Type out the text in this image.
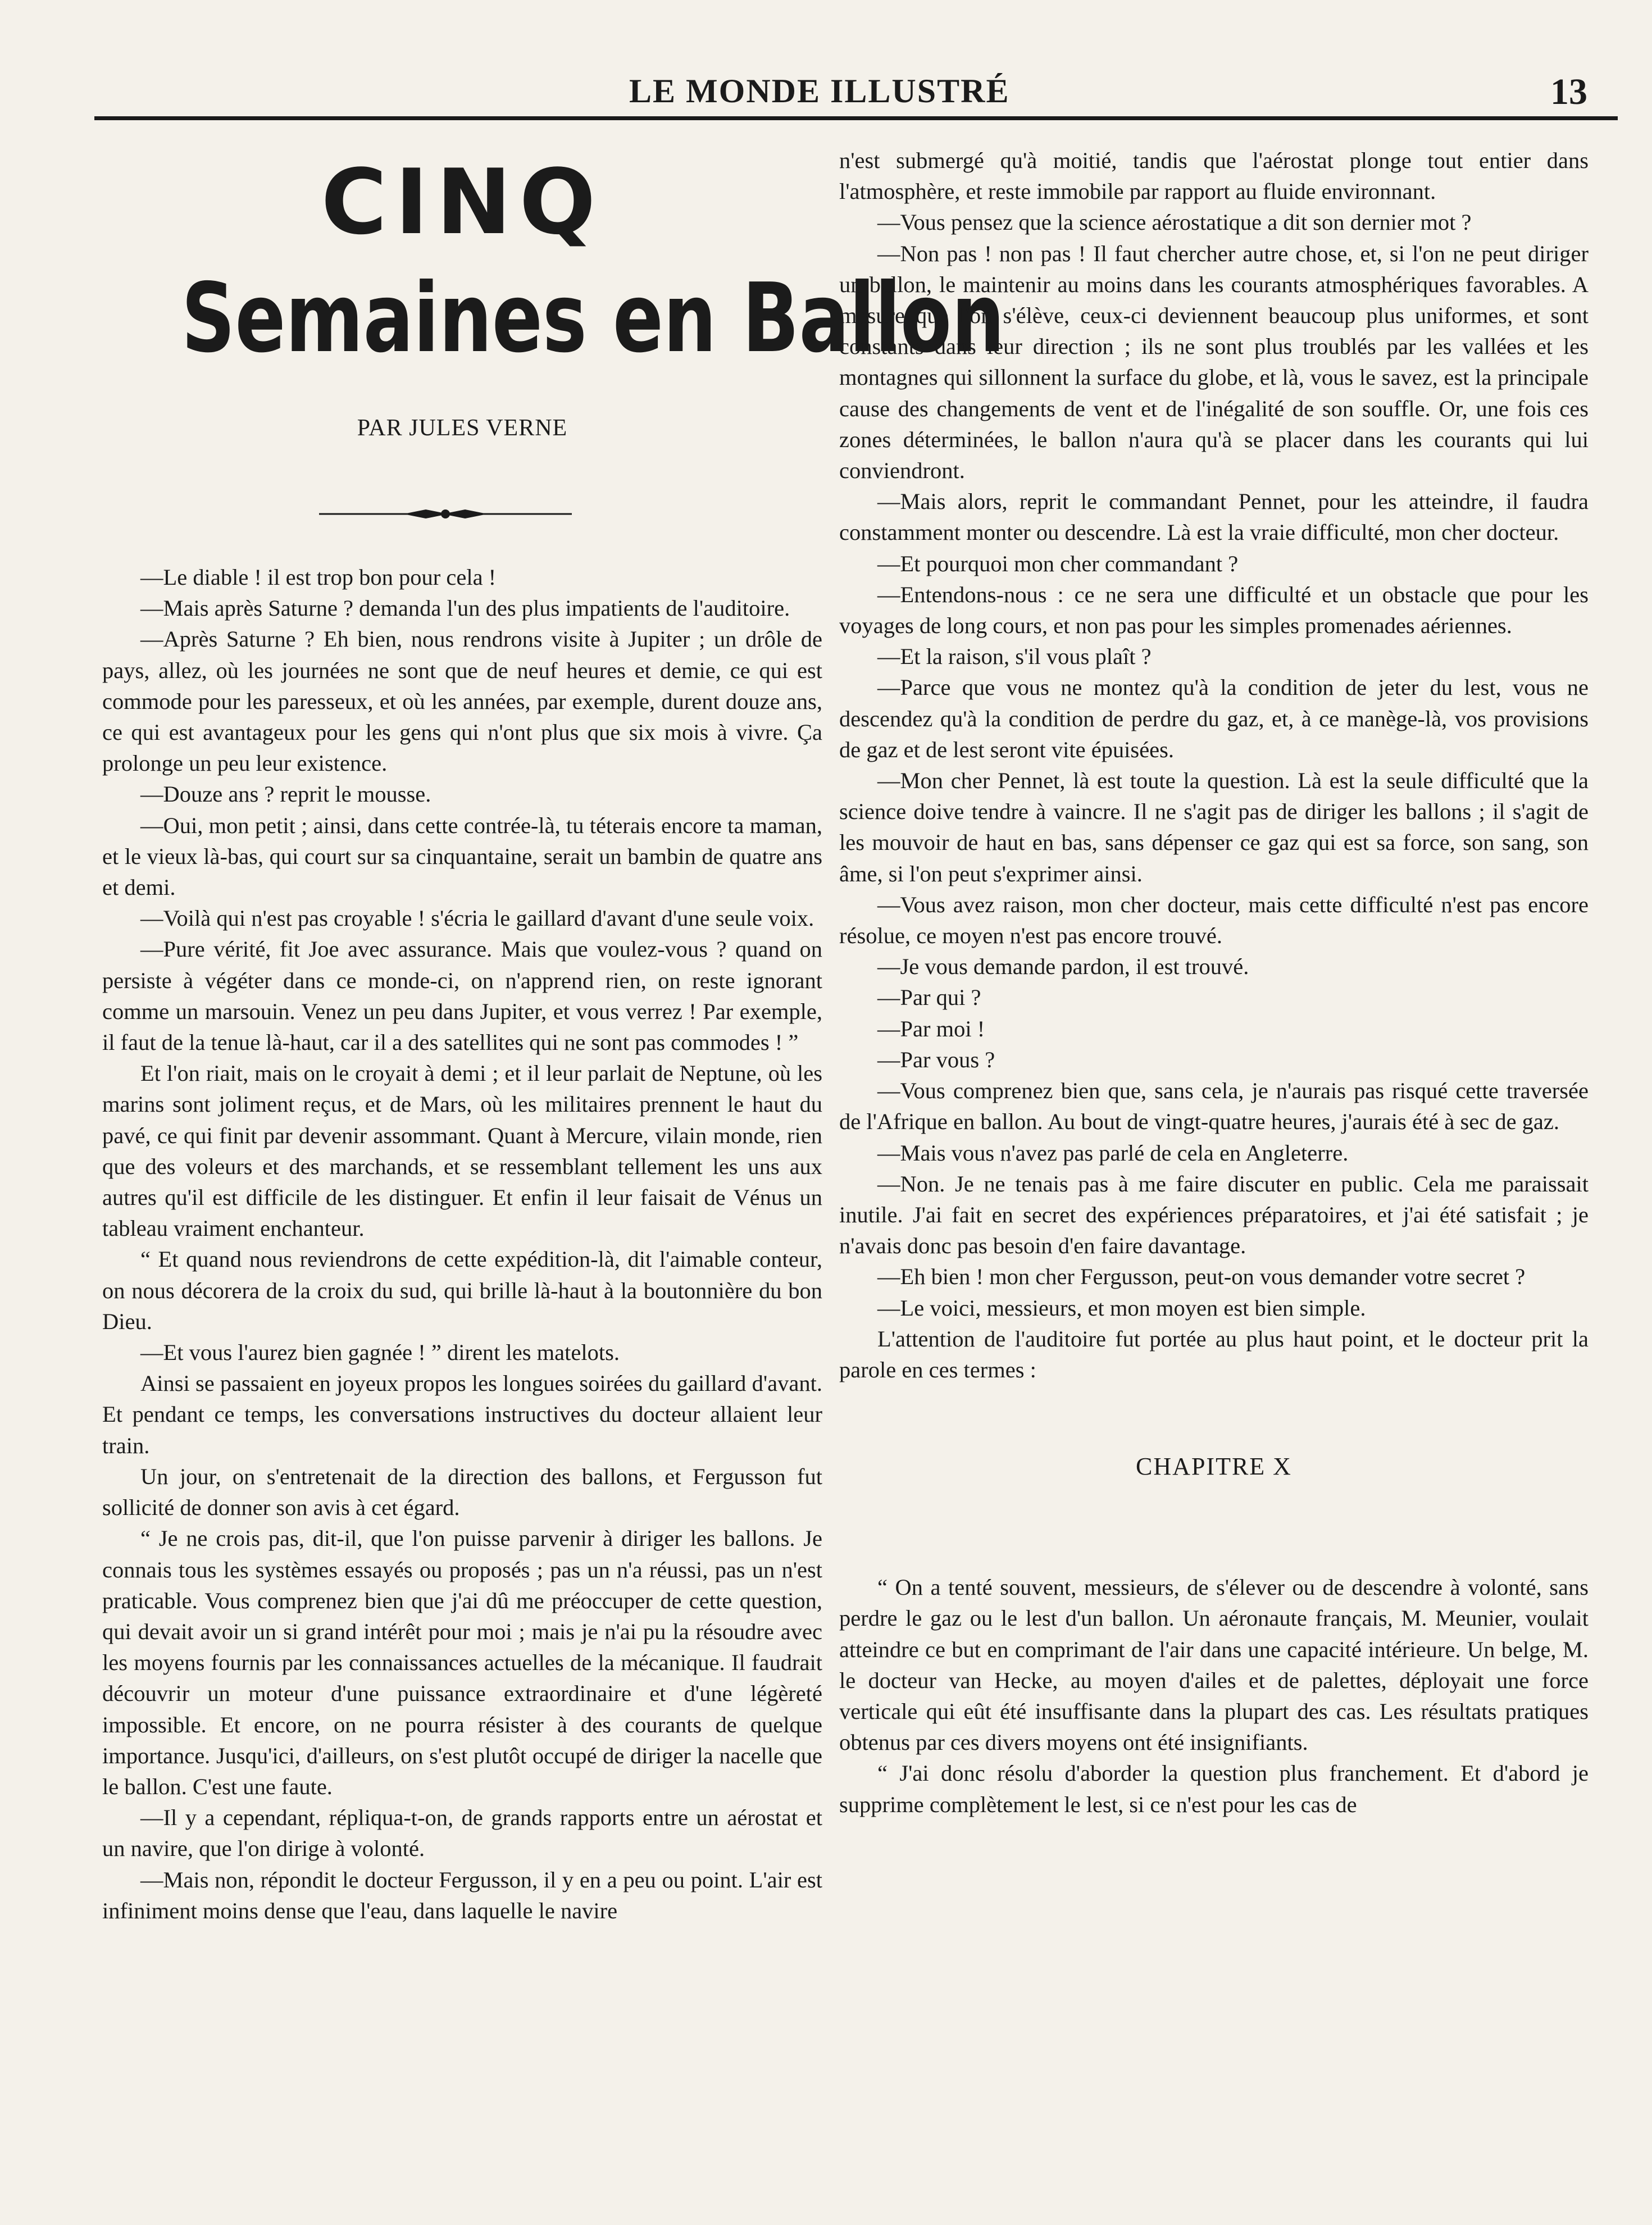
LE MONDE ILLUSTRÉ	13
CINQ
Semaines en Ballon
PAR JULES VERNE

—Le diable ! il est trop bon pour cela !

—Mais après Saturne ? demanda l'un des plus impatients de l'auditoire.

—Après Saturne ? Eh bien, nous rendrons visite à Jupiter ; un drôle de pays, allez, où les journées ne sont que de neuf heures et demie, ce qui est commode pour les paresseux, et où les années, par exemple, durent douze ans, ce qui est avantageux pour les gens qui n'ont plus que six mois à vivre. Ça prolonge un peu leur existence.

—Douze ans ? reprit le mousse.

—Oui, mon petit ; ainsi, dans cette contrée-là, tu téterais encore ta maman, et le vieux là-bas, qui court sur sa cinquantaine, serait un bambin de quatre ans et demi.

—Voilà qui n'est pas croyable ! s'écria le gaillard d'avant d'une seule voix.

—Pure vérité, fit Joe avec assurance. Mais que voulez-vous ? quand on persiste à végéter dans ce monde-ci, on n'apprend rien, on reste ignorant comme un marsouin. Venez un peu dans Jupiter, et vous verrez ! Par exemple, il faut de la tenue là-haut, car il a des satellites qui ne sont pas commodes ! ”

Et l'on riait, mais on le croyait à demi ; et il leur parlait de Neptune, où les marins sont joliment reçus, et de Mars, où les militaires prennent le haut du pavé, ce qui finit par devenir assommant. Quant à Mercure, vilain monde, rien que des voleurs et des marchands, et se ressemblant tellement les uns aux autres qu'il est difficile de les distinguer. Et enfin il leur faisait de Vénus un tableau vraiment enchanteur.

“ Et quand nous reviendrons de cette expédition-là, dit l'aimable conteur, on nous décorera de la croix du sud, qui brille là-haut à la boutonnière du bon Dieu.

—Et vous l'aurez bien gagnée ! ” dirent les matelots.

Ainsi se passaient en joyeux propos les longues soirées du gaillard d'avant. Et pendant ce temps, les conversations instructives du docteur allaient leur train.

Un jour, on s'entretenait de la direction des ballons, et Fergusson fut sollicité de donner son avis à cet égard.

“ Je ne crois pas, dit-il, que l'on puisse parvenir à diriger les ballons. Je connais tous les systèmes essayés ou proposés ; pas un n'a réussi, pas un n'est praticable. Vous comprenez bien que j'ai dû me préoccuper de cette question, qui devait avoir un si grand intérêt pour moi ; mais je n'ai pu la résoudre avec les moyens fournis par les connaissances actuelles de la mécanique. Il faudrait découvrir un moteur d'une puissance extraordinaire et d'une légèreté impossible. Et encore, on ne pourra résister à des courants de quelque importance. Jusqu'ici, d'ailleurs, on s'est plutôt occupé de diriger la nacelle que le ballon. C'est une faute.

—Il y a cependant, répliqua-t-on, de grands rapports entre un aérostat et un navire, que l'on dirige à volonté.

—Mais non, répondit le docteur Fergusson, il y en a peu ou point. L'air est infiniment moins dense que l'eau, dans laquelle le navire

n'est submergé qu'à moitié, tandis que l'aérostat plonge tout entier dans l'atmosphère, et reste immobile par rapport au fluide environnant.

—Vous pensez que la science aérostatique a dit son dernier mot ?

—Non pas ! non pas ! Il faut chercher autre chose, et, si l'on ne peut diriger un ballon, le maintenir au moins dans les courants atmosphériques favorables. A mesure que l'on s'élève, ceux-ci deviennent beaucoup plus uniformes, et sont constants dans leur direction ; ils ne sont plus troublés par les vallées et les montagnes qui sillonnent la surface du globe, et là, vous le savez, est la principale cause des changements de vent et de l'inégalité de son souffle. Or, une fois ces zones déterminées, le ballon n'aura qu'à se placer dans les courants qui lui conviendront.

—Mais alors, reprit le commandant Pennet, pour les atteindre, il faudra constamment monter ou descendre. Là est la vraie difficulté, mon cher docteur.

—Et pourquoi mon cher commandant ?

—Entendons-nous : ce ne sera une difficulté et un obstacle que pour les voyages de long cours, et non pas pour les simples promenades aériennes.

—Et la raison, s'il vous plaît ?

—Parce que vous ne montez qu'à la condition de jeter du lest, vous ne descendez qu'à la condition de perdre du gaz, et, à ce manège-là, vos provisions de gaz et de lest seront vite épuisées.

—Mon cher Pennet, là est toute la question. Là est la seule difficulté que la science doive tendre à vaincre. Il ne s'agit pas de diriger les ballons ; il s'agit de les mouvoir de haut en bas, sans dépenser ce gaz qui est sa force, son sang, son âme, si l'on peut s'exprimer ainsi.

—Vous avez raison, mon cher docteur, mais cette difficulté n'est pas encore résolue, ce moyen n'est pas encore trouvé.

—Je vous demande pardon, il est trouvé.

—Par qui ?

—Par moi !

—Par vous ?

—Vous comprenez bien que, sans cela, je n'aurais pas risqué cette traversée de l'Afrique en ballon. Au bout de vingt-quatre heures, j'aurais été à sec de gaz.

—Mais vous n'avez pas parlé de cela en Angleterre.

—Non. Je ne tenais pas à me faire discuter en public. Cela me paraissait inutile. J'ai fait en secret des expériences préparatoires, et j'ai été satisfait ; je n'avais donc pas besoin d'en faire davantage.

—Eh bien ! mon cher Fergusson, peut-on vous demander votre secret ?

—Le voici, messieurs, et mon moyen est bien simple.

L'attention de l'auditoire fut portée au plus haut point, et le docteur prit la parole en ces termes :

CHAPITRE X

“ On a tenté souvent, messieurs, de s'élever ou de descendre à volonté, sans perdre le gaz ou le lest d'un ballon. Un aéronaute français, M. Meunier, voulait atteindre ce but en comprimant de l'air dans une capacité intérieure. Un belge, M. le docteur van Hecke, au moyen d'ailes et de palettes, déployait une force verticale qui eût été insuffisante dans la plupart des cas. Les résultats pratiques obtenus par ces divers moyens ont été insignifiants.

“ J'ai donc résolu d'aborder la question plus franchement. Et d'abord je supprime complètement le lest, si ce n'est pour les cas de
